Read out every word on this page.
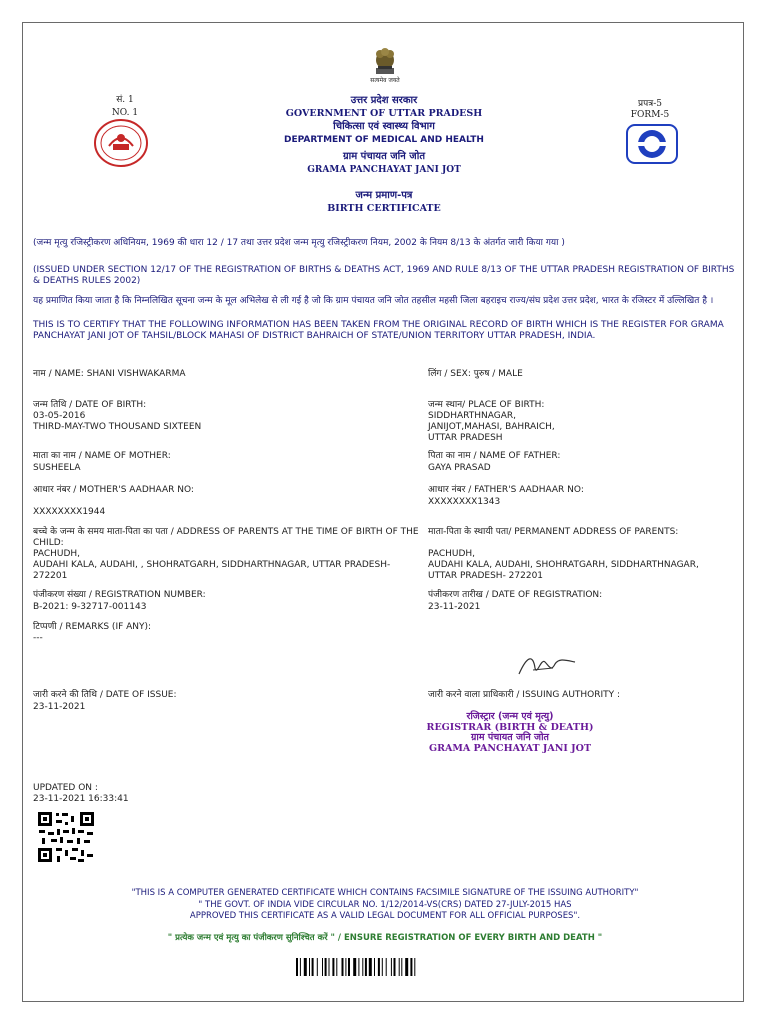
सत्यमेव जयते
सं. 1
NO. 1
प्रपत्र-5
FORM-5
उत्तर प्रदेश सरकार
GOVERNMENT OF UTTAR PRADESH
चिकित्सा एवं स्वास्थ्य विभाग
DEPARTMENT OF MEDICAL AND HEALTH
ग्राम पंचायत जनि जोत
GRAMA PANCHAYAT JANI JOT
जन्म प्रमाण-पत्र
BIRTH CERTIFICATE
(जन्म मृत्यु रजिस्ट्रीकरण अधिनियम, 1969 की धारा 12 / 17 तथा उत्तर प्रदेश जन्म मृत्यु रजिस्ट्रीकरण नियम, 2002 के नियम 8/13 के अंतर्गत जारी किया गया )
(ISSUED UNDER SECTION 12/17 OF THE REGISTRATION OF BIRTHS & DEATHS ACT, 1969 AND RULE 8/13 OF THE UTTAR PRADESH REGISTRATION OF BIRTHS & DEATHS RULES 2002)
यह प्रमाणित किया जाता है कि निम्नलिखित सूचना जन्म के मूल अभिलेख से ली गई है जो कि ग्राम पंचायत जनि जोत तहसील महसी जिला बहराइच राज्य/संघ प्रदेश उत्तर प्रदेश, भारत के रजिस्टर में उल्लिखित है ।
THIS IS TO CERTIFY THAT THE FOLLOWING INFORMATION HAS BEEN TAKEN FROM THE ORIGINAL RECORD OF BIRTH WHICH IS THE REGISTER FOR GRAMA PANCHAYAT JANI JOT OF TAHSIL/BLOCK MAHASI OF DISTRICT BAHRAICH OF STATE/UNION TERRITORY UTTAR PRADESH, INDIA.
नाम / NAME: SHANI VISHWAKARMA
जन्म तिथि / DATE OF BIRTH:
03-05-2016
THIRD-MAY-TWO THOUSAND SIXTEEN
माता का नाम / NAME OF MOTHER:
SUSHEELA
आधार नंबर / MOTHER'S AADHAAR NO:
XXXXXXXX1944
बच्चे के जन्म के समय माता-पिता का पता / ADDRESS OF PARENTS AT THE TIME OF BIRTH OF THE CHILD:
PACHUDH,
AUDAHI KALA, AUDAHI, , SHOHRATGARH, SIDDHARTHNAGAR, UTTAR PRADESH-
272201
पंजीकरण संख्या / REGISTRATION NUMBER:
B-2021: 9-32717-001143
टिप्पणी / REMARKS (IF ANY):
---
जारी करने की तिथि / DATE OF ISSUE:
23-11-2021
लिंग / SEX: पुरुष / MALE
जन्म स्थान/ PLACE OF BIRTH:
SIDDHARTHNAGAR,
JANIJOT,MAHASI, BAHRAICH,
UTTAR PRADESH
पिता का नाम / NAME OF FATHER:
GAYA PRASAD
आधार नंबर / FATHER'S AADHAAR NO:
XXXXXXXX1343
माता-पिता के स्थायी पता/ PERMANENT ADDRESS OF PARENTS:
PACHUDH,
AUDAHI KALA, AUDAHI, SHOHRATGARH, SIDDHARTHNAGAR,
UTTAR PRADESH- 272201
पंजीकरण तारीख / DATE OF REGISTRATION:
23-11-2021
जारी करने वाला प्राधिकारी / ISSUING AUTHORITY :
रजिस्ट्रार (जन्म एवं मृत्यु)
REGISTRAR (BIRTH & DEATH)
ग्राम पंचायत जनि जोत
GRAMA PANCHAYAT JANI JOT
UPDATED ON :
23-11-2021 16:33:41
"THIS IS A COMPUTER GENERATED CERTIFICATE WHICH CONTAINS FACSIMILE SIGNATURE OF THE ISSUING AUTHORITY"
" THE GOVT. OF INDIA VIDE CIRCULAR NO. 1/12/2014-VS(CRS) DATED 27-JULY-2015 HAS
APPROVED THIS CERTIFICATE AS A VALID LEGAL DOCUMENT FOR ALL OFFICIAL PURPOSES".
" प्रत्येक जन्म एवं मृत्यु का पंजीकरण सुनिश्चित करें " / ENSURE REGISTRATION OF EVERY BIRTH AND DEATH "
